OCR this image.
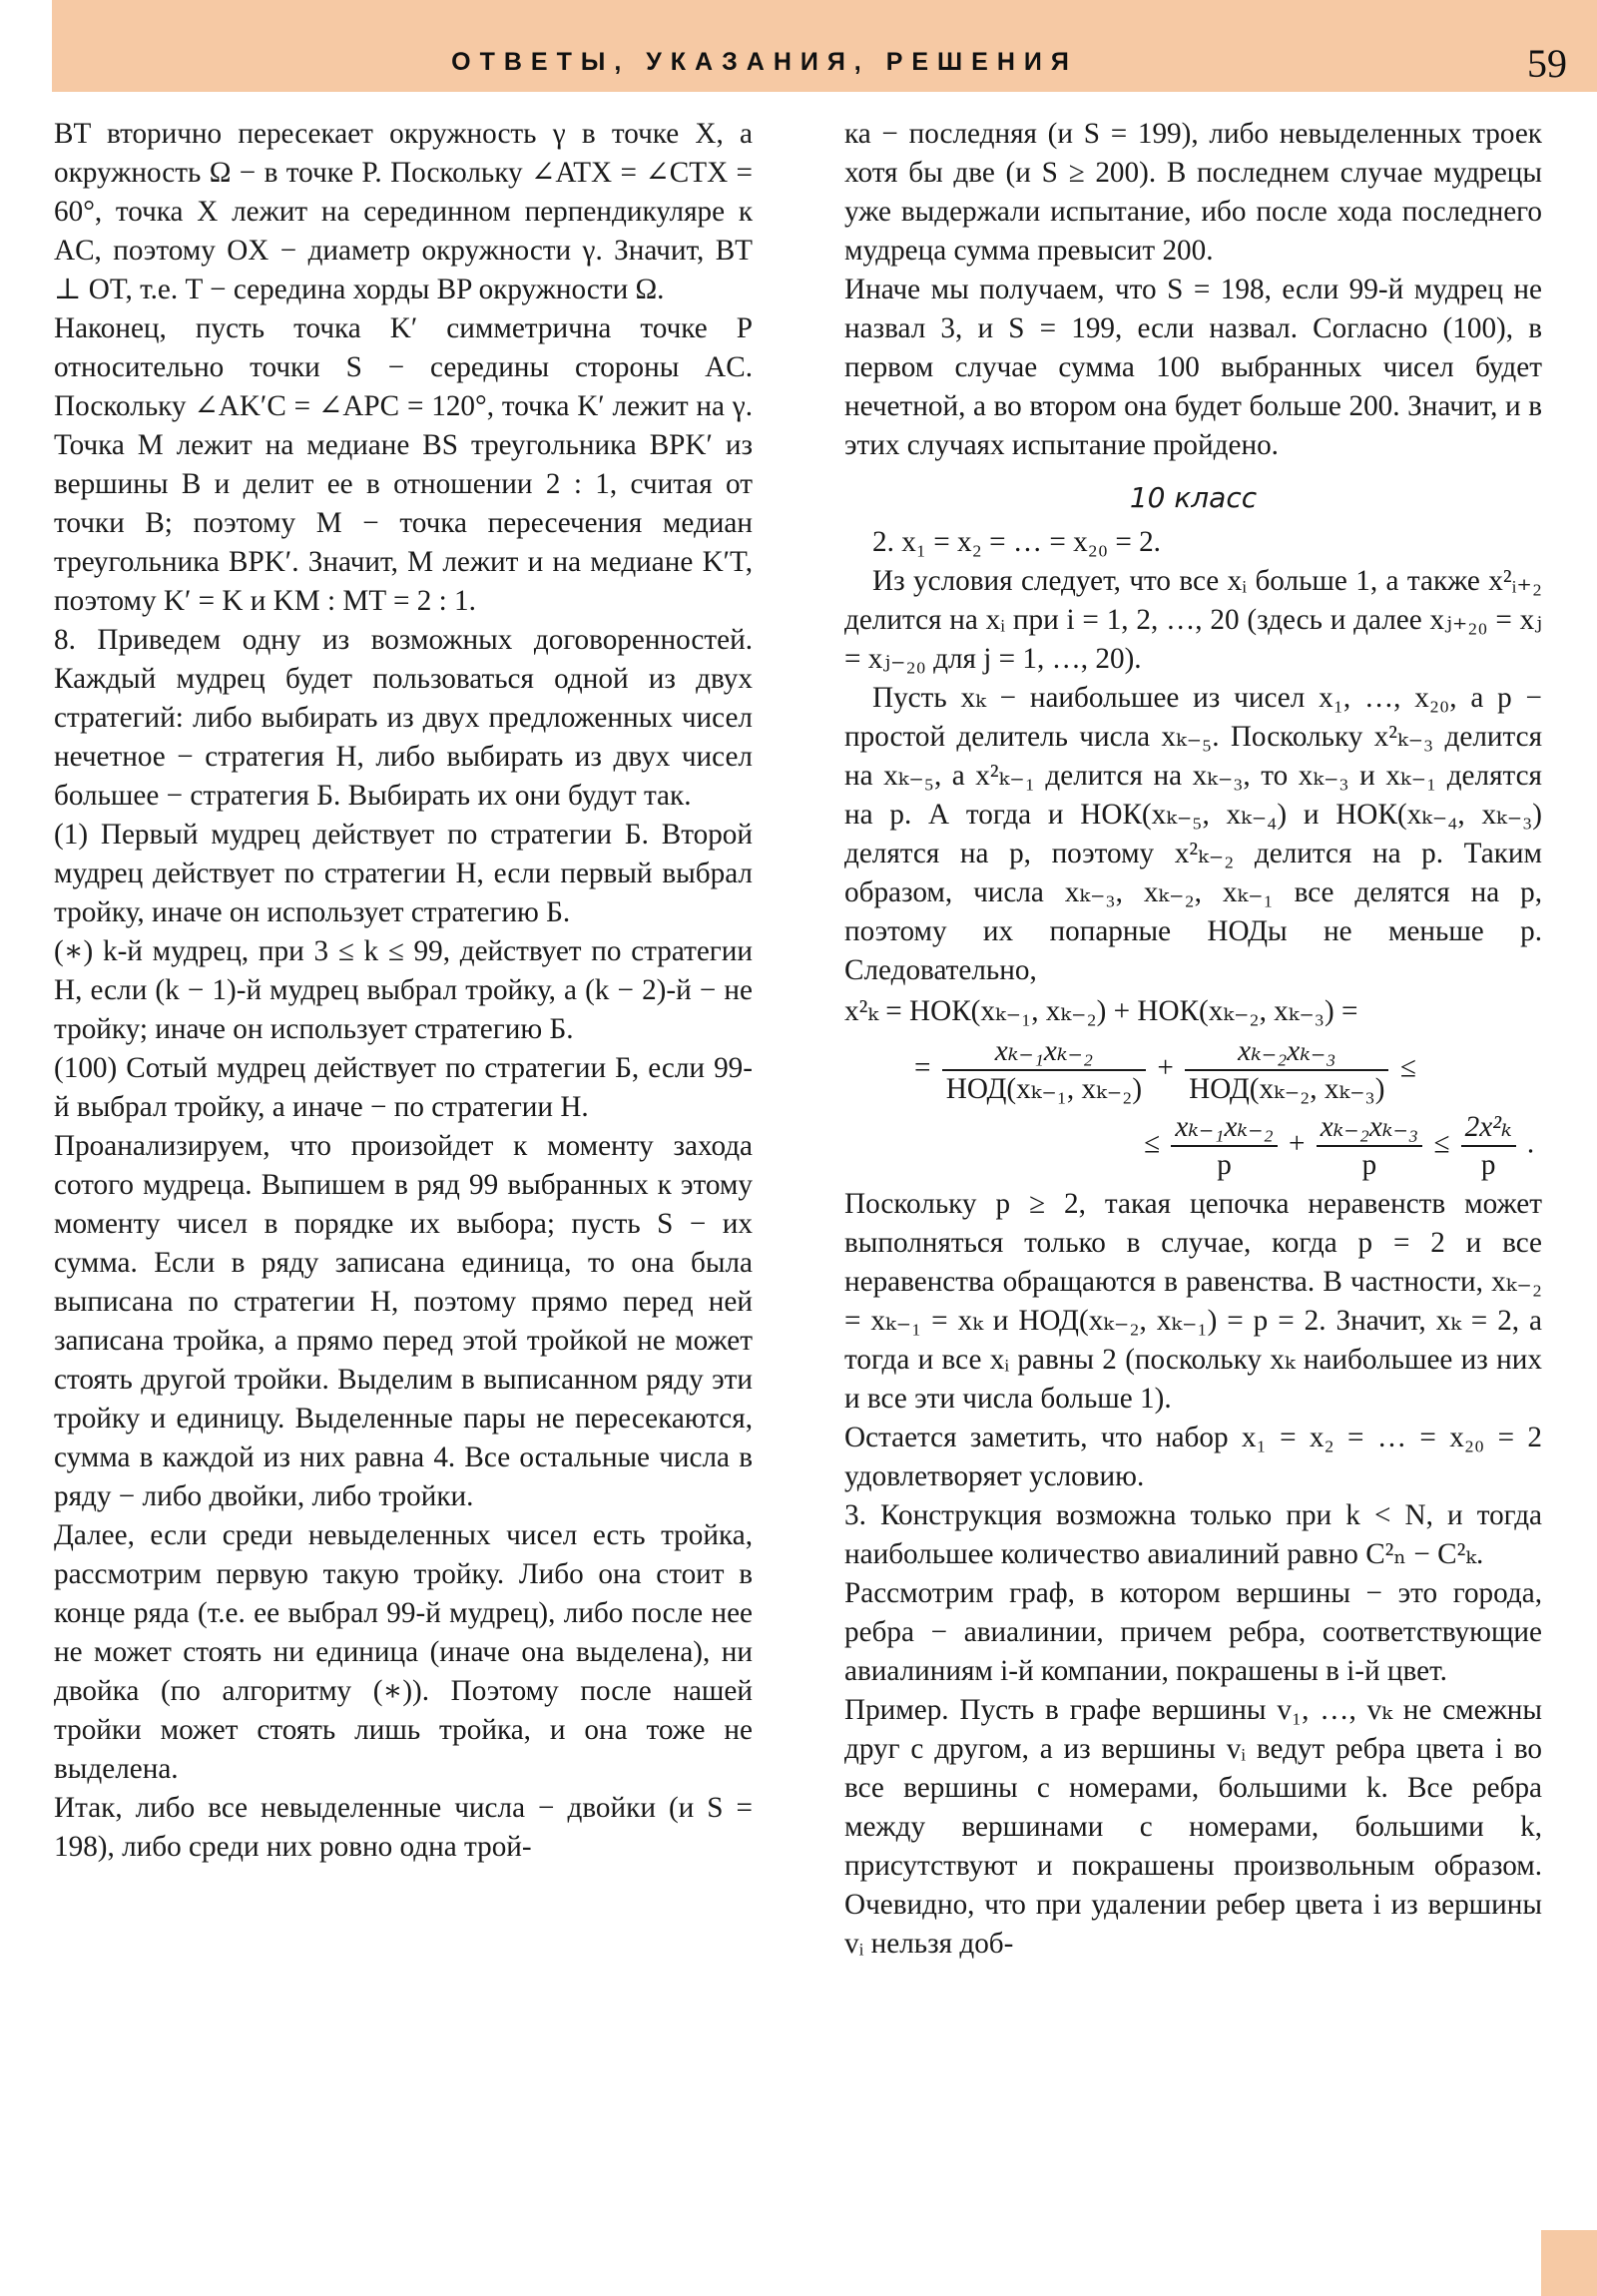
ОТВЕТЫ, УКАЗАНИЯ, РЕШЕНИЯ	59

BT вторично пересекает окружность γ в точке X, а окружность Ω − в точке P. Поскольку ∠ATX = ∠CTX = 60°, точка X лежит на серединном перпендикуляре к AC, поэтому OX − диаметр окружности γ. Значит, BT ⊥ OT, т.е. T − середина хорды BP окружности Ω.

Наконец, пусть точка K′ симметрична точке P относительно точки S − середины стороны AC. Поскольку ∠AK′C = ∠APC = 120°, точка K′ лежит на γ. Точка M лежит на медиане BS треугольника BPK′ из вершины B и делит ее в отношении 2 : 1, считая от точки B; поэтому M − точка пересечения медиан треугольника BPK′. Значит, M лежит и на медиане K′T, поэтому K′ = K и KM : MT = 2 : 1.

8. Приведем одну из возможных договоренностей. Каждый мудрец будет пользоваться одной из двух стратегий: либо выбирать из двух предложенных чисел нечетное − стратегия Н, либо выбирать из двух чисел большее − стратегия Б. Выбирать их они будут так.

(1) Первый мудрец действует по стратегии Б. Второй мудрец действует по стратегии Н, если первый выбрал тройку, иначе он использует стратегию Б.

(∗) k-й мудрец, при 3 ≤ k ≤ 99, действует по стратегии Н, если (k − 1)-й мудрец выбрал тройку, а (k − 2)-й − не тройку; иначе он использует стратегию Б.

(100) Сотый мудрец действует по стратегии Б, если 99-й выбрал тройку, а иначе − по стратегии Н.

Проанализируем, что произойдет к моменту захода сотого мудреца. Выпишем в ряд 99 выбранных к этому моменту чисел в порядке их выбора; пусть S − их сумма. Если в ряду записана единица, то она была выписана по стратегии Н, поэтому прямо перед ней записана тройка, а прямо перед этой тройкой не может стоять другой тройки. Выделим в выписанном ряду эти тройку и единицу. Выделенные пары не пересекаются, сумма в каждой из них равна 4. Все остальные числа в ряду − либо двойки, либо тройки.

Далее, если среди невыделенных чисел есть тройка, рассмотрим первую такую тройку. Либо она стоит в конце ряда (т.е. ее выбрал 99-й мудрец), либо после нее не может стоять ни единица (иначе она выделена), ни двойка (по алгоритму (∗)). Поэтому после нашей тройки может стоять лишь тройка, и она тоже не выделена.

Итак, либо все невыделенные числа − двойки (и S = 198), либо среди них ровно одна трой-

ка − последняя (и S = 199), либо невыделенных троек хотя бы две (и S ≥ 200). В последнем случае мудрецы уже выдержали испытание, ибо после хода последнего мудреца сумма превысит 200.

Иначе мы получаем, что S = 198, если 99-й мудрец не назвал 3, и S = 199, если назвал. Согласно (100), в первом случае сумма 100 выбранных чисел будет нечетной, а во втором она будет больше 200. Значит, и в этих случаях испытание пройдено.

10 класс

2. x₁ = x₂ = … = x₂₀ = 2.

Из условия следует, что все xᵢ больше 1, а также x²ᵢ₊₂ делится на xᵢ при i = 1, 2, …, 20 (здесь и далее xⱼ₊₂₀ = xⱼ = xⱼ₋₂₀ для j = 1, …, 20).

Пусть xₖ − наибольшее из чисел x₁, …, x₂₀, а p − простой делитель числа xₖ₋₅. Поскольку x²ₖ₋₃ делится на xₖ₋₅, а x²ₖ₋₁ делится на xₖ₋₃, то xₖ₋₃ и xₖ₋₁ делятся на p. А тогда и НОК(xₖ₋₅, xₖ₋₄) и НОК(xₖ₋₄, xₖ₋₃) делятся на p, поэтому x²ₖ₋₂ делится на p. Таким образом, числа xₖ₋₃, xₖ₋₂, xₖ₋₁ все делятся на p, поэтому их попарные НОДы не меньше p. Следовательно,

x²ₖ = НОК(xₖ₋₁, xₖ₋₂) + НОК(xₖ₋₂, xₖ₋₃) =
= $\frac{\text{xₖ₋₁xₖ₋₂}}{\text{НОД(xₖ₋₁, xₖ₋₂)}} + \frac{\text{xₖ₋₂xₖ₋₃}}{\text{НОД(xₖ₋₂, xₖ₋₃)}}$ ≤
≤ $\frac{\text{xₖ₋₁xₖ₋₂}}{p} + \frac{\text{xₖ₋₂xₖ₋₃}}{p} \le \frac{\text{2x²ₖ}}{p}$ .

Поскольку p ≥ 2, такая цепочка неравенств может выполняться только в случае, когда p = 2 и все неравенства обращаются в равенства. В частности, xₖ₋₂ = xₖ₋₁ = xₖ и НОД(xₖ₋₂, xₖ₋₁) = p = 2. Значит, xₖ = 2, а тогда и все xᵢ равны 2 (поскольку xₖ наибольшее из них и все эти числа больше 1).

Остается заметить, что набор x₁ = x₂ = … = x₂₀ = 2 удовлетворяет условию.

3. Конструкция возможна только при k < N, и тогда наибольшее количество авиалиний равно C²ₙ − C²ₖ.

Рассмотрим граф, в котором вершины − это города, ребра − авиалинии, причем ребра, соответствующие авиалиниям i-й компании, покрашены в i-й цвет.

Пример. Пусть в графе вершины v₁, …, vₖ не смежны друг с другом, а из вершины vᵢ ведут ребра цвета i во все вершины с номерами, большими k. Все ребра между вершинами с номерами, большими k, присутствуют и покрашены произвольным образом. Очевидно, что при удалении ребер цвета i из вершины vᵢ нельзя доб-
